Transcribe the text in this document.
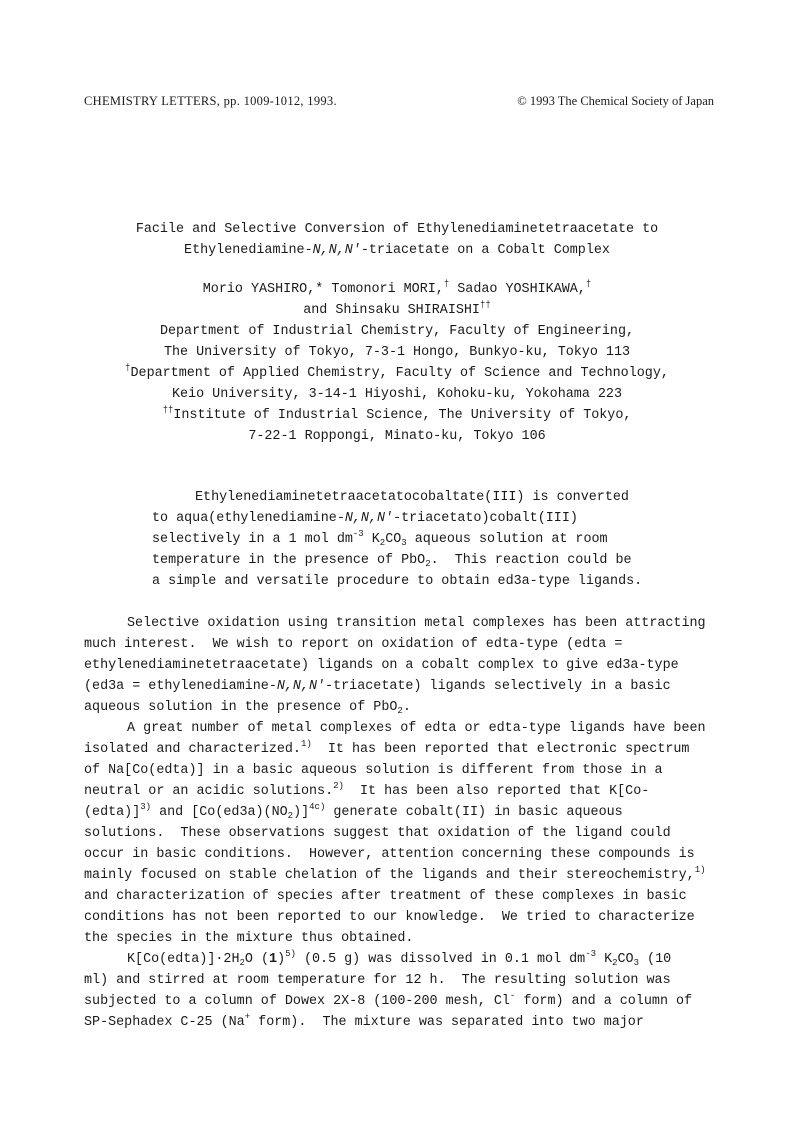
CHEMISTRY LETTERS, pp. 1009-1012, 1993.	© 1993 The Chemical Society of Japan

Facile and Selective Conversion of Ethylenediaminetetraacetate to
Ethylenediamine-N,N,N'-triacetate on a Cobalt Complex

Morio YASHIRO,* Tomonori MORI,† Sadao YOSHIKAWA,†
and Shinsaku SHIRAISHI††

Department of Industrial Chemistry, Faculty of Engineering,
The University of Tokyo, 7-3-1 Hongo, Bunkyo-ku, Tokyo 113
†Department of Applied Chemistry, Faculty of Science and Technology,
Keio University, 3-14-1 Hiyoshi, Kohoku-ku, Yokohama 223
††Institute of Industrial Science, The University of Tokyo,
7-22-1 Roppongi, Minato-ku, Tokyo 106

Ethylenediaminetetraacetatocobaltate(III) is converted
to aqua(ethylenediamine-N,N,N'-triacetato)cobalt(III)
selectively in a 1 mol $dm^{-3}$ $K_2CO_3$ aqueous solution at room
temperature in the presence of PbO$_2$.  This reaction could be
a simple and versatile procedure to obtain ed3a-type ligands.

Selective oxidation using transition metal complexes has been attracting
much interest.  We wish to report on oxidation of edta-type (edta =
ethylenediaminetetraacetate) ligands on a cobalt complex to give ed3a-type
(ed3a = ethylenediamine-N,N,N'-triacetate) ligands selectively in a basic
aqueous solution in the presence of PbO$_2$.
A great number of metal complexes of edta or edta-type ligands have been
isolated and characterized.$^{1)}$  It has been reported that electronic spectrum
of Na[Co(edta)] in a basic aqueous solution is different from those in a
neutral or an acidic solutions.$^{2)}$  It has been also reported that K[Co-
(edta)]$^{3)}$ and $[Co(ed3a)(NO_2)]^{4c)}$ generate cobalt(II) in basic aqueous
solutions.  These observations suggest that oxidation of the ligand could
occur in basic conditions.  However, attention concerning these compounds is
mainly focused on stable chelation of the ligands and their stereochemistry,$^{1)}$
and characterization of species after treatment of these complexes in basic
conditions has not been reported to our knowledge.  We tried to characterize
the species in the mixture thus obtained.
$K[Co(edta)]\cdot 2H_2O$ $(1)^{5)}$ (0.5 g) was dissolved in 0.1 mol $dm^{-3}$ $K_2CO_3$ (10
ml) and stirred at room temperature for 12 h.  The resulting solution was
subjected to a column of Dowex 2X-8 (100-200 mesh, Cl- form) and a column of
SP-Sephadex C-25 (Na+ form).  The mixture was separated into two major
